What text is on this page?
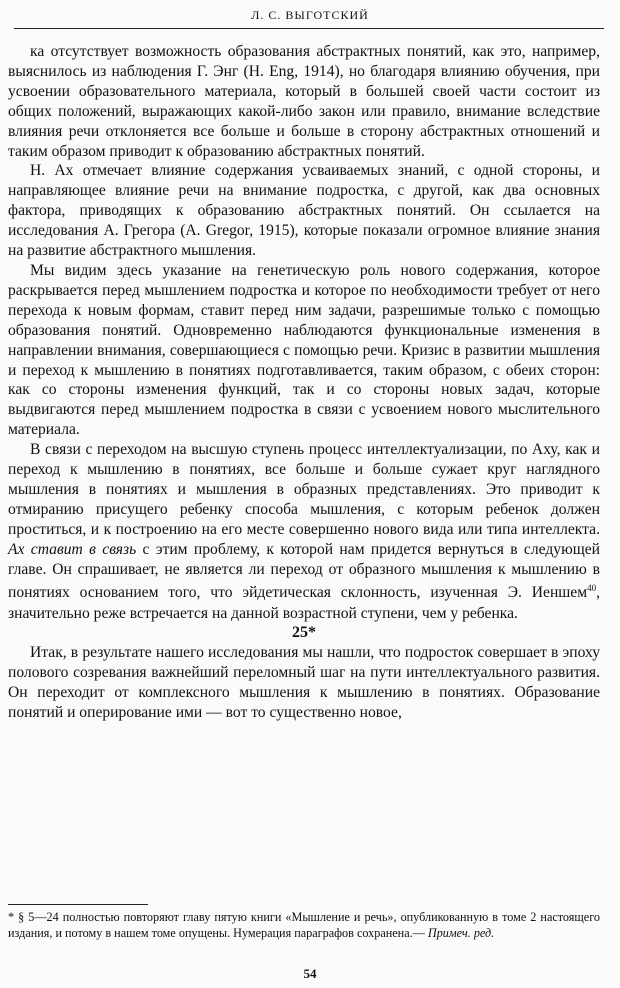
Л. С. ВЫГОТСКИЙ

ка отсутствует возможность образования абстрактных понятий, как это, например, выяснилось из наблюдения Г. Энг (H. Eng, 1914), но благодаря влиянию обучения, при усвоении образовательного материала, который в большей своей части состоит из общих положений, выражающих какой-либо закон или правило, внимание вследствие влияния речи отклоняется все больше и больше в сторону абстрактных отношений и таким образом приводит к образованию абстрактных понятий.

Н. Ах отмечает влияние содержания усваиваемых знаний, с одной стороны, и направляющее влияние речи на внимание подростка, с другой, как два основных фактора, приводящих к образованию абстрактных понятий. Он ссылается на исследования А. Грегора (A. Gregor, 1915), которые показали огромное влияние знания на развитие абстрактного мышления.

Мы видим здесь указание на генетическую роль нового содержания, которое раскрывается перед мышлением подростка и которое по необходимости требует от него перехода к новым формам, ставит перед ним задачи, разрешимые только с помощью образования понятий. Одновременно наблюдаются функциональные изменения в направлении внимания, совершающиеся с помощью речи. Кризис в развитии мышления и переход к мышлению в понятиях подготавливается, таким образом, с обеих сторон: как со стороны изменения функций, так и со стороны новых задач, которые выдвигаются перед мышлением подростка в связи с усвоением нового мыслительного материала.

В связи с переходом на высшую ступень процесс интеллектуализации, по Аху, как и переход к мышлению в понятиях, все больше и больше сужает круг наглядного мышления в понятиях и мышления в образных представлениях. Это приводит к отмиранию присущего ребенку способа мышления, с которым ребенок должен проститься, и к построению на его месте совершенно нового вида или типа интеллекта. Ах ставит в связь с этим проблему, к которой нам придется вернуться в следующей главе. Он спрашивает, не является ли переход от образного мышления к мышлению в понятиях основанием того, что эйдетическая склонность, изученная Э. Иеншем$^{40}$, значительно реже встречается на данной возрастной ступени, чем у ребенка.

25*

Итак, в результате нашего исследования мы нашли, что подросток совершает в эпоху полового созревания важнейший переломный шаг на пути интеллектуального развития. Он переходит от комплексного мышления к мышлению в понятиях. Образование понятий и оперирование ими — вот то существенно новое,

* § 5—24 полностью повторяют главу пятую книги «Мышление и речь», опубликованную в томе 2 настоящего издания, и потому в нашем томе опущены. Нумерация параграфов сохранена.— Примеч. ред.
54
